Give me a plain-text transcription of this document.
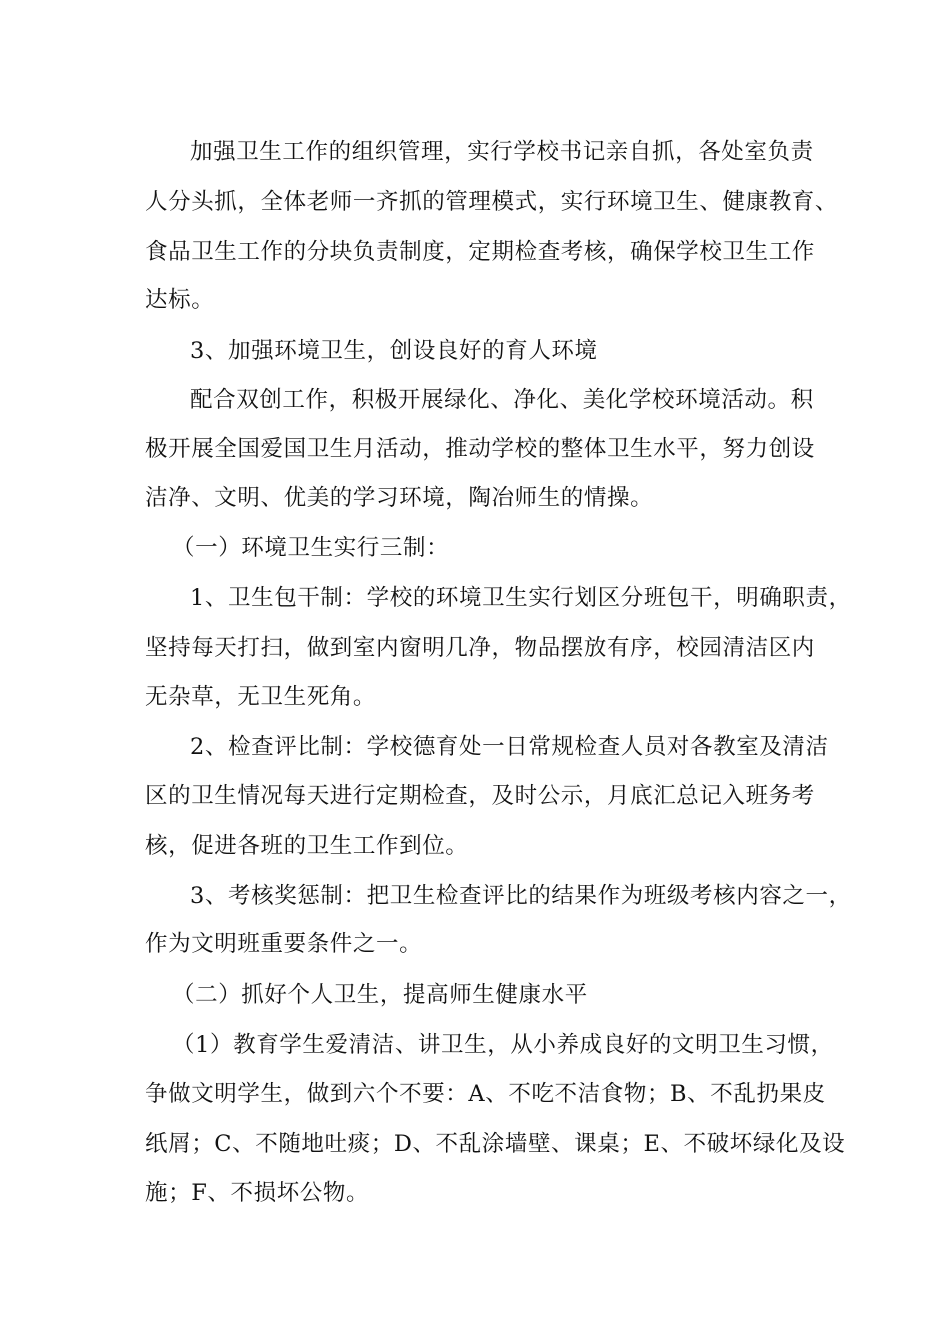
加强卫生工作的组织管理，实行学校书记亲自抓，各处室负责
人分头抓，全体老师一齐抓的管理模式，实行环境卫生、健康教育、
食品卫生工作的分块负责制度，定期检查考核，确保学校卫生工作
达标。
3、加强环境卫生，创设良好的育人环境
配合双创工作，积极开展绿化、净化、美化学校环境活动。积
极开展全国爱国卫生月活动，推动学校的整体卫生水平，努力创设
洁净、文明、优美的学习环境，陶冶师生的情操。
（一）环境卫生实行三制：
1、卫生包干制：学校的环境卫生实行划区分班包干，明确职责，
坚持每天打扫，做到室内窗明几净，物品摆放有序，校园清洁区内
无杂草，无卫生死角。
2、检查评比制：学校德育处一日常规检查人员对各教室及清洁
区的卫生情况每天进行定期检查，及时公示，月底汇总记入班务考
核，促进各班的卫生工作到位。
3、考核奖惩制：把卫生检查评比的结果作为班级考核内容之一，
作为文明班重要条件之一。
（二）抓好个人卫生，提高师生健康水平
（1）教育学生爱清洁、讲卫生，从小养成良好的文明卫生习惯，
争做文明学生，做到六个不要：A、不吃不洁食物；B、不乱扔果皮
纸屑；C、不随地吐痰；D、不乱涂墙壁、课桌；E、不破坏绿化及设
施；F、不损坏公物。
